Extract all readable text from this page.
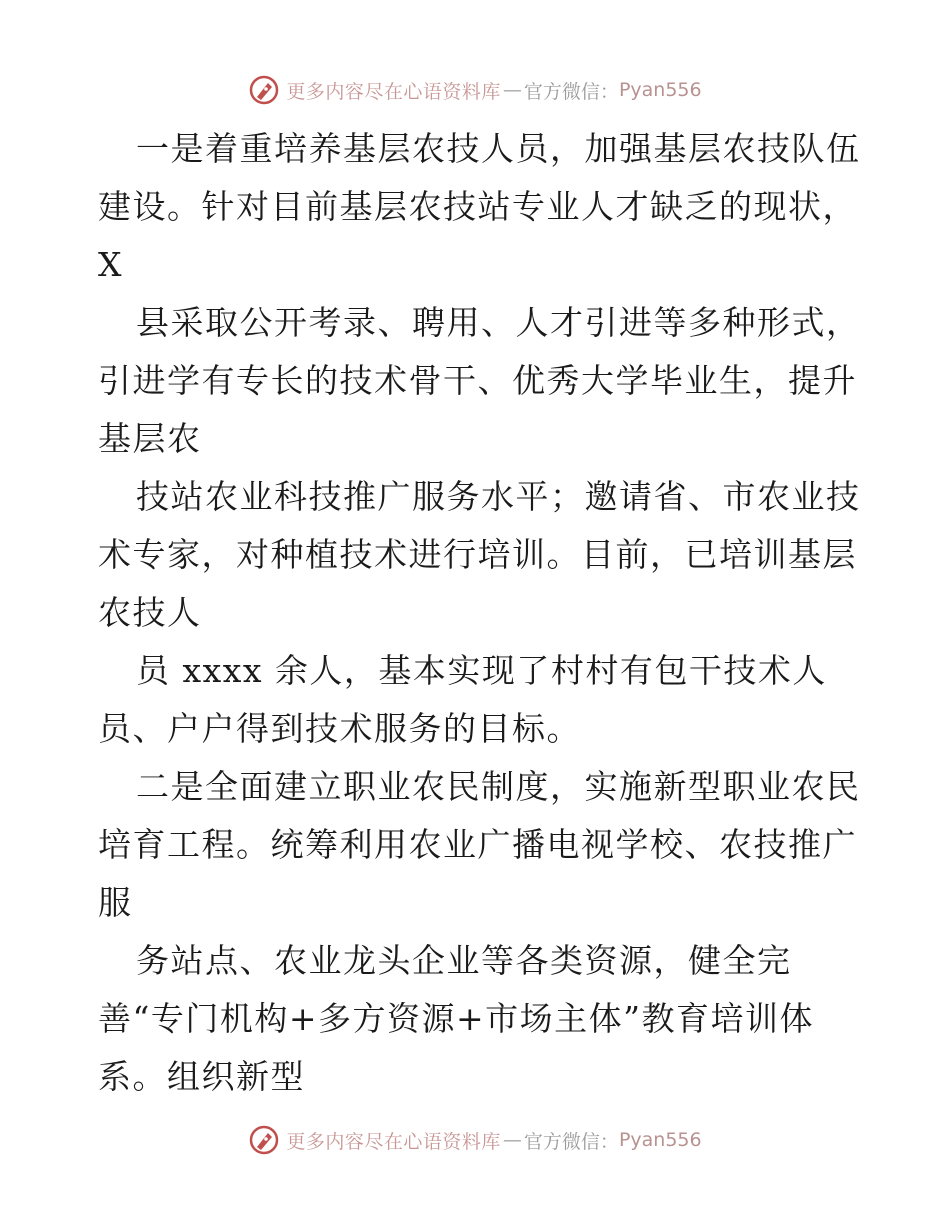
更多内容尽在心语资料库 — 官方微信： Pyan556
一是着重培养基层农技人员，加强基层农技队伍
建设。针对目前基层农技站专业人才缺乏的现状，
X
县采取公开考录、聘用、人才引进等多种形式，
引进学有专长的技术骨干、优秀大学毕业生，提升
基层农
技站农业科技推广服务水平；邀请省、市农业技
术专家，对种植技术进行培训。目前，已培训基层
农技人
员 xxxx 余人，基本实现了村村有包干技术人
员、户户得到技术服务的目标。
二是全面建立职业农民制度，实施新型职业农民
培育工程。统筹利用农业广播电视学校、农技推广
服
务站点、农业龙头企业等各类资源，健全完
善“专门机构+多方资源+市场主体”教育培训体
系。组织新型
更多内容尽在心语资料库 — 官方微信： Pyan556
